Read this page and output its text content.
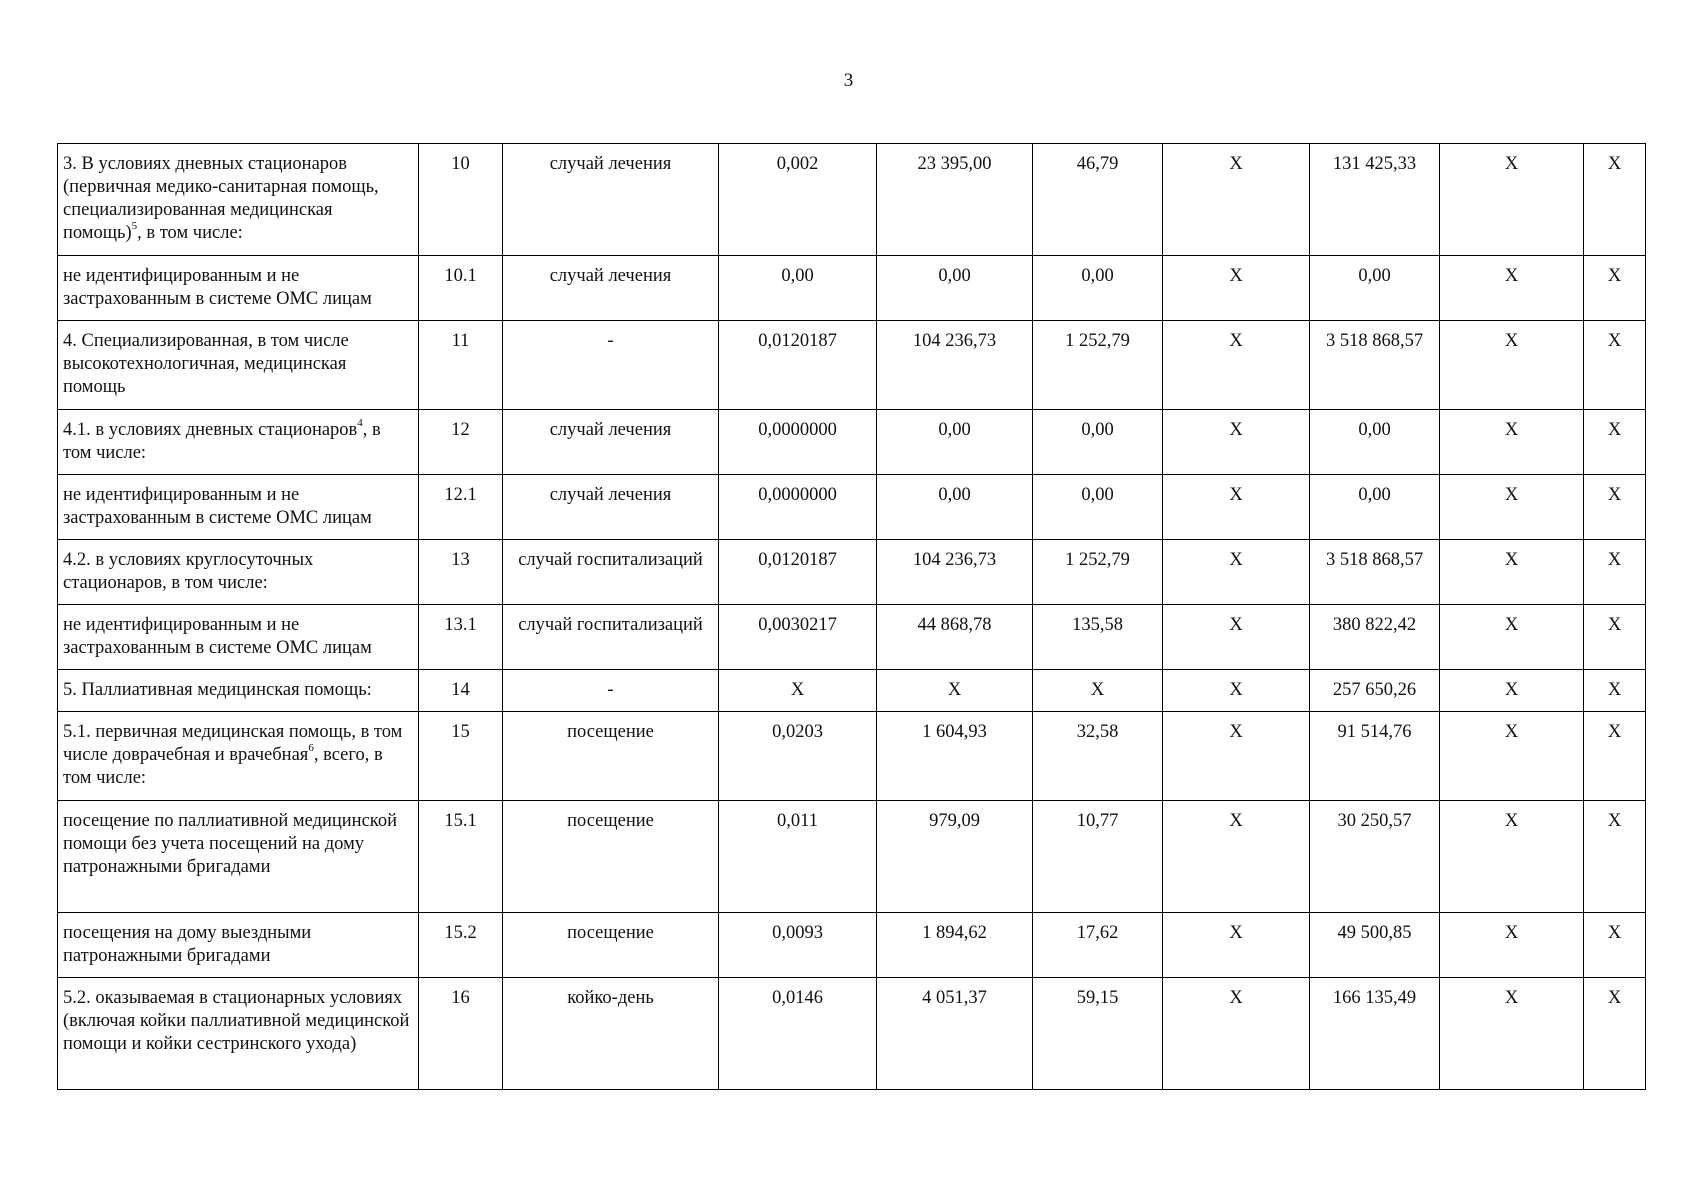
3
3. В условиях дневных стационаров (первичная медико-санитарная помощь, специализированная медицинская помощь)$^5$, в том числе:	10	случай лечения	0,002	23 395,00	46,79	X	131 425,33	X	X
не идентифицированным и не застрахованным в системе ОМС лицам	10.1	случай лечения	0,00	0,00	0,00	X	0,00	X	X
4. Специализированная, в том числе высокотехнологичная, медицинская помощь	11	-	0,0120187	104 236,73	1 252,79	X	3 518 868,57	X	X
4.1. в условиях дневных стационаров$^4$, в том числе:	12	случай лечения	0,0000000	0,00	0,00	X	0,00	X	X
не идентифицированным и не застрахованным в системе ОМС лицам	12.1	случай лечения	0,0000000	0,00	0,00	X	0,00	X	X
4.2. в условиях круглосуточных стационаров, в том числе:	13	случай госпитализаций	0,0120187	104 236,73	1 252,79	X	3 518 868,57	X	X
не идентифицированным и не застрахованным в системе ОМС лицам	13.1	случай госпитализаций	0,0030217	44 868,78	135,58	X	380 822,42	X	X
5. Паллиативная медицинская помощь:	14	-	X	X	X	X	257 650,26	X	X
5.1. первичная медицинская помощь, в том числе доврачебная и врачебная$^6$, всего, в том числе:	15	посещение	0,0203	1 604,93	32,58	X	91 514,76	X	X
посещение по паллиативной медицинской помощи без учета посещений на дому патронажными бригадами	15.1	посещение	0,011	979,09	10,77	X	30 250,57	X	X
посещения на дому выездными патронажными бригадами	15.2	посещение	0,0093	1 894,62	17,62	X	49 500,85	X	X
5.2. оказываемая в стационарных условиях (включая койки паллиативной медицинской помощи и койки сестринского ухода)	16	койко-день	0,0146	4 051,37	59,15	X	166 135,49	X	X
